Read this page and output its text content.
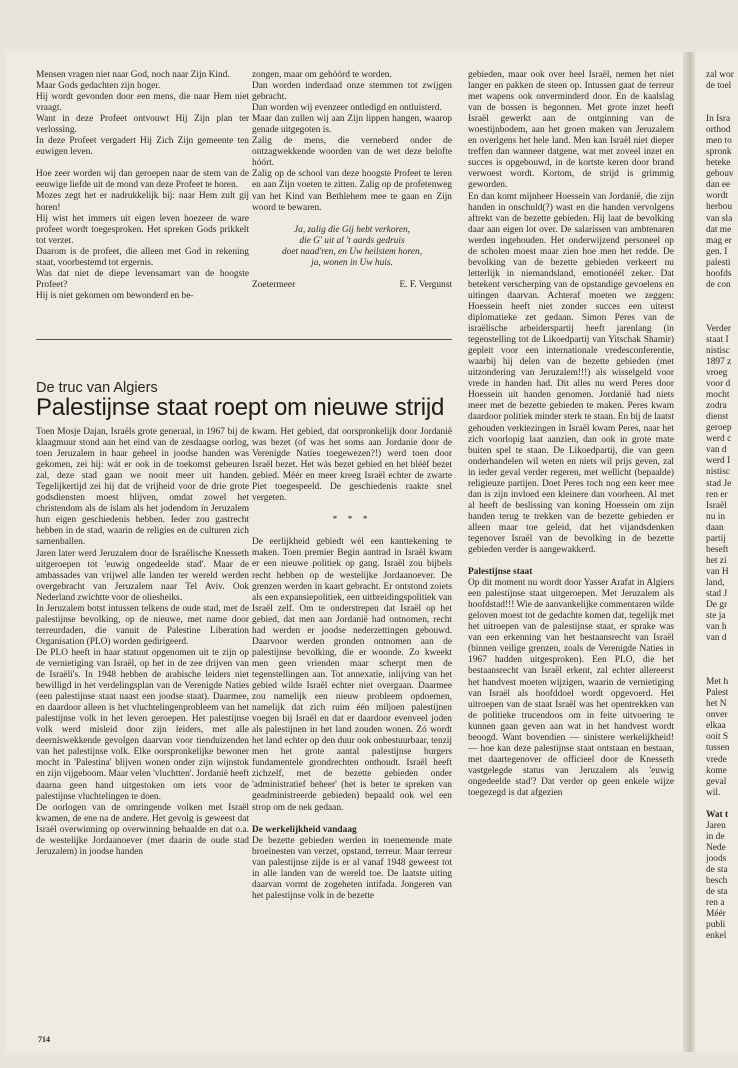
Mensen vragen niet naar God, noch naar Zijn Kind.

Maar Gods gedachten zijn hoger.

Hij wordt gevonden door een mens, die naar Hem niet vraagt.

Want in deze Profeet ontvouwt Hij Zijn plan ter verlossing.

In deze Profeet vergadert Hij Zich Zijn gemeente ten euwigen leven.

Hoe zeer worden wij dan geroepen naar de stem van de eeuwige liefde uit de mond van deze Profeet te horen.

Mozes zegt het er nadrukkelijk bij: naar Hem zult gij horen!

Hij wist het immers uit eigen leven hoezeer de ware profeet wordt toegesproken. Het spreken Gods prikkelt tot verzet.

Daarom is de profeet, die alleen met God in rekening staat, voorbestemd tot ergernis.

Was dat niet de diepe levensamart van de hoogste Profeet?

Hij is niet gekomen om bewonderd en be-

zongen, maar om gehóórd te worden.

Dan worden inderdaad onze stemmen tot zwijgen gebracht.

Dan worden wij evenzeer ontledigd en ontluisterd.

Maar dan zullen wij aan Zijn lippen hangen, waarop genade uitgegoten is.

Zalig de mens, die verneberd onder de ontzagwekkende woorden van de wet deze belofte hóórt.

Zalig op de school van deze hoogste Profeet te leren en aan Zijn voeten te zitten. Zalig op de profetenweg van het Kind van Bethlehem mee te gaan en Zijn woord te bewaren.

Ja, zalig die Gij hebt verkoren,

die G' uit al 't aards gedruis

doet naad'ren, en Uw heilstem horen,

ja, wonen in Uw huis.

Zoetermeer	E. F. Vergunst
De truc van Algiers
Palestijnse staat roept om nieuwe strijd

Toen Mosje Dajan, Israëls grote generaal, in 1967 bij de klaagmuur stond aan het eind van de zesdaagse oorlog, toen Jeruzalem in haar geheel in joodse handen was gekomen, zei hij: wát er ook in de toekomst gebeuren zal, deze stad gaan we nooit meer uit handen. Tegelijkertijd zei hij dat de vrijheid voor de drie grote godsdiensten moest blijven, omdat zowel het christendom als de islam als het jodendom in Jeruzalem hun eigen geschiedenis hebben. Ieder zou gastrecht hebben in de stad, waarin de religies en de culturen zich samenballen.

Jaren later werd Jeruzalem door de Israëlische Knesseth uitgeroepen tot 'euwig ongedeelde stad'. Maar de ambassades van vrijwel alle landen ter wereld werden overgebracht van Jeruzalem naar Tel Aviv. Ook Nederland zwichtte voor de oliesheiks.

In Jeruzalem botst intussen telkens de oude stad, met de palestijnse bevolking, op de nieuwe, met name door terreurdaden, die vanuit de Palestine Liberation Organisation (PLO) worden gedirigeerd.

De PLO heeft in haar statuut opgenomen uit te zijn op de vernietiging van Israël, op het in de zee drijven van de Israëli's. In 1948 hebben de arabische leiders niet bewilligd in het verdelingsplan van de Verenigde Naties (een palestijnse staat naast een joodse staat). Daarmee, en daardoor alleen is het vluchtelingenprobleem van het palestijnse volk in het leven geroepen. Het palestijnse volk werd misleid door zijn leiders, met alle deerniswekkende gevolgen daarvan voor tienduizenden van het palestijnse volk. Elke oorspronkelijke bewoner mocht in 'Palestina' blijven wonen onder zijn wijnstok en zijn vijgeboom. Maar velen 'vluchtten'. Jordanië heeft daarna geen hand uitgestoken om iets voor de palestijnse vluchtelingen te doen.

De oorlogen van de omringende volken met Israël kwamen, de ene na de andere. Het gevolg is geweest dat Israël overwinning op overwinning behaalde en dat o.a. de westelijke Jordaanoever (met daarin de oude stad Jeruzalem) in joodse handen

kwam. Het gebied, dat oorspronkelijk door Jordanië was bezet (of was het soms aan Jordanie door de Verenigde Naties toegewezen?!) werd toen door Israël bezet. Het wàs bezet gebied en het bléèf bezet gebied. Méér en meer kreeg Israël echter de zwarte Piet toegespeeld. De geschiedenis raakte snel vergeten.

* * *

De eerlijkheid gebiedt wèl een kanttekening te maken. Toen premier Begin aantrad in Israël kwam er een nieuwe politiek op gang. Israël zou bijbels recht hebben op de westelijke Jordaanoever. De grenzen werden in kaart gebracht. Er ontstond zoiets als een expansiepolitiek, een uitbreidingspolitiek van Israël zelf. Om te onderstrepen dat Israël op het gebied, dat men aan Jordanië had ontnomen, recht had werden er joodse nederzettingen gebouwd. Daarvoor werden gronden ontnomen aan de palestijnse bevolking, die er woonde. Zo kweekt men geen vrienden maar scherpt men de tegenstellingen aan. Tot annexatie, inlijving van het gebied wilde Israël echter niet overgaan. Daarmee zou namelijk een nieuw probleem opdoemen, namelijk dat zich ruim één miljoen palestijnen voegen bij Israël en dat er daardoor evenveel joden als palestijnen in het land zouden wonen. Zó wordt het land echter op den duur ook onbestuurbaar, tenzij men het grote aantal palestijnse burgers fundamentele grondrechten onthoudt. Israël heeft zichzelf, met de bezette gebieden onder 'administratief beheer' (het is beter te spreken van geadministreerde gebieden) bepaald ook wel een strop om de nek gedaan.

De werkelijkheid vandaag

De bezette gebieden werden in toenemende mate broeinesten van verzet, opstand, terreur. Maar terreur van palestijnse zijde is er al vanaf 1948 geweest tot in alle landen van de wereld toe. De laatste uiting daarvan vormt de zogeheten intifada. Jongeren van het palestijnse volk in de bezette

gebieden, maar ook over heel Israël, nemen het niet langer en pakken de steen op. Intussen gaat de terreur met wapens ook onverminderd door. En de kaalslag van de bossen is begonnen. Met grote inzet heeft Israël gewerkt aan de ontginning van de woestijnbodem, aan het groen maken van Jeruzalem en overigens het hele land. Men kan Israël niet dieper treffen dan wanneer datgene, wat met zoveel inzet en succes is opgebouwd, in de kortste keren door brand verwoest wordt. Kortom, de strijd is grimmig geworden.

En dan komt mijnheer Hoessein van Jordanië, die zijn handen in onschuld(?) wast en die handen vervolgens aftrekt van de bezette gebieden. Hij laat de bevolking daar aan eigen lot over. De salarissen van ambtenaren werden ingehouden. Het onderwijzend personeel op de scholen moest maar zien hoe men het redde. De bevolking van de bezette gebieden verkeert nu letterlijk in niemandsland, emotionéél zeker. Dat betekent verscherping van de opstandige gevoelens en uitingen daarvan. Achteraf moeten we zeggen: Hoessein heeft niet zonder succes een uiterst diplomatieke zet gedaan. Simon Peres van de israëlische arbeiderspartij heeft jarenlang (in tegenstelling tot de Likoedpartij van Yitschak Shamir) gepleit voor een internationale vredesconferentie, waarbij hij delen van de bezette gebieden (met uitzondering van Jeruzalem!!!) als wisselgeld voor vrede in handen had. Dit alles nu werd Peres door Hoessein uit handen genomen. Jordanië had niets meer met de bezette gebieden te maken. Peres kwam daardoor politiek minder sterk te staan. En bij de laatst gehouden verkiezingen in Israël kwam Peres, naar het zich voorlopig laat aanzien, dan ook in grote mate buiten spel te staan. De Likoedpartij, die van geen onderhandelen wil weten en niets wil prijs geven, zal in ieder geval verder regeren, met wellicht (bepaalde) religieuze partijen. Doet Peres toch nog een keer mee dan is zijn invloed een kleinere dan voorheen. Al met al heeft de beslissing van koning Hoessein om zijn handen terug te trekken van de bezette gebieden er alleen maar toe geleid, dat het vijandsdenken tegenover Israël van de bevolking in de bezette gebieden verder is aangewakkerd.

Palestijnse staat

Op dit moment nu wordt door Yasser Arafat in Algiers een palestijnse staat uitgeroepen. Met Jeruzalem als hoofdstad!!! Wie de aanvankelijke commentaren wilde geloven moest tot de gedachte komen dat, tegelijk met het uitroepen van de palestijnse staat, er sprake was van een erkenning van het bestaansrecht van Israël (binnen veilige grenzen, zoals de Verenigde Naties in 1967 hadden uitgesproken). Een PLO, die het bestaansrecht van Israël erkent, zal echter allereerst het handvest moeten wijzigen, waarin de vernietiging van Israël als hoofddoel wordt opgevoerd. Het uitroepen van de staat Israël was het opentrekken van de politieke trucendoos om in feite uitvoering te kunnen gaan geven aan wat in het handvest wordt beoogd. Want bovendien — sinistere werkelijkheid! — hoe kan deze palestijnse staat ontstaan en bestaan, met daartegenover de officieel door de Knesseth vastgelegde status van Jeruzalem als 'euwig ongedeelde stad'? Dat verder op geen enkele wijze toegezegd is dat afgezien

zal wor

de toel

In Isra

orthod

men to

spronk

beteke

gebouv

dan ee

wordt

herbou

van sla

dat me

mag er

gen. I

palesti

hoofds

de con

Verder

staat I

nistisc

1897 z

vroeg

voor d

mocht

zodra

dienst

geroep

werd c

van d

werd I

nistisc

stad Je

ren er

Israël

nu in

daan

partij

beseft

het zi

van H

land,

stad J

De gr

ste ja

van h

van d

Met h

Palest

het N

onver

elkaa

ooit S

tussen

vrede

kome

geval

wil.

Wat t

Jaren

in de

Nede

joods

de sta

besch

de sta

ren a

Méér

publi

enkel

714
